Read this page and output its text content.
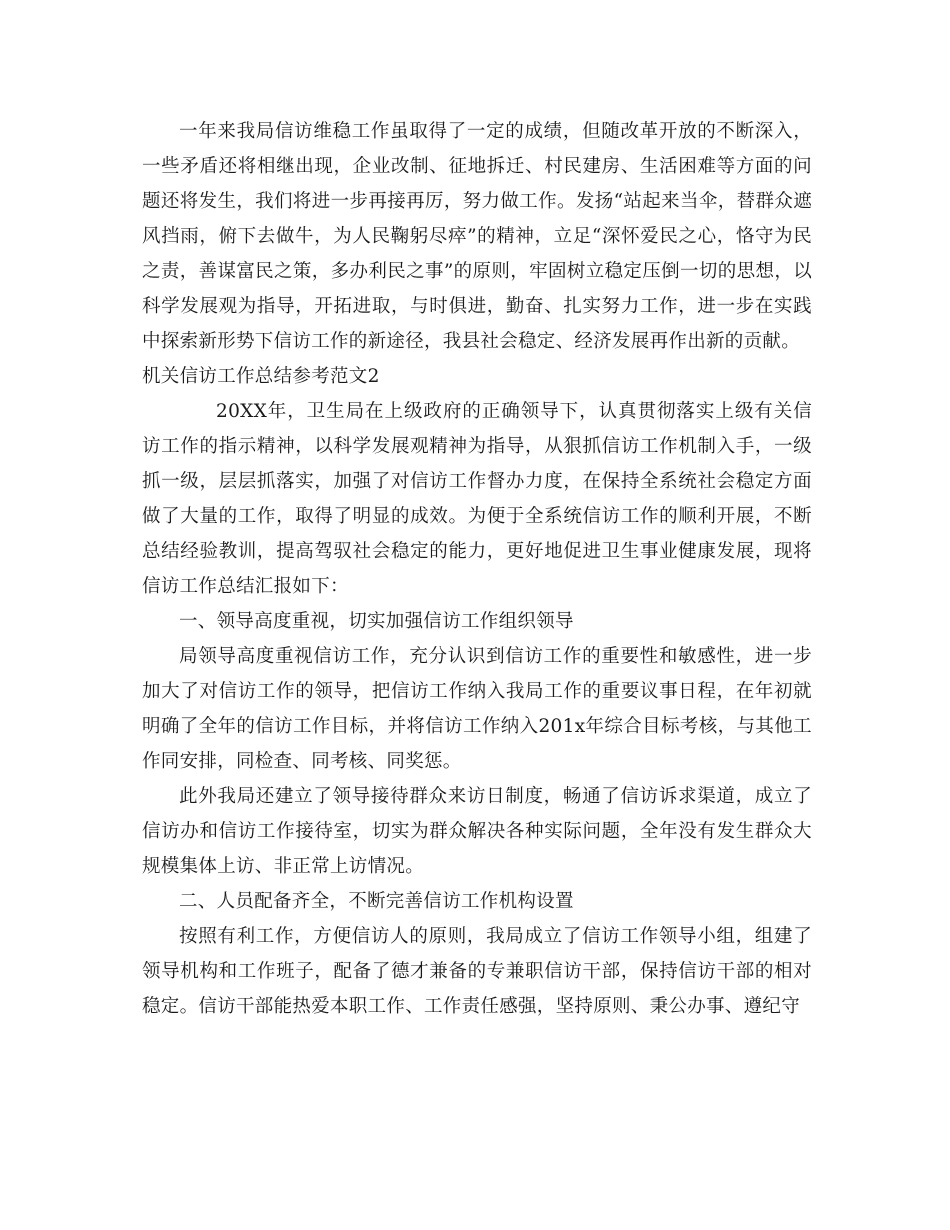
一年来我局信访维稳工作虽取得了一定的成绩，但随改革开放的不断深入，一些矛盾还将相继出现，企业改制、征地拆迁、村民建房、生活困难等方面的问题还将发生，我们将进一步再接再厉，努力做工作。发扬“站起来当伞，替群众遮风挡雨，俯下去做牛，为人民鞠躬尽瘁”的精神，立足“深怀爱民之心，恪守为民之责，善谋富民之策，多办利民之事”的原则，牢固树立稳定压倒一切的思想，以科学发展观为指导，开拓进取，与时俱进，勤奋、扎实努力工作，进一步在实践中探索新形势下信访工作的新途径，我县社会稳定、经济发展再作出新的贡献。

机关信访工作总结参考范文2

20XX年，卫生局在上级政府的正确领导下，认真贯彻落实上级有关信访工作的指示精神，以科学发展观精神为指导，从狠抓信访工作机制入手，一级抓一级，层层抓落实，加强了对信访工作督办力度，在保持全系统社会稳定方面做了大量的工作，取得了明显的成效。为便于全系统信访工作的顺利开展，不断总结经验教训，提高驾驭社会稳定的能力，更好地促进卫生事业健康发展，现将信访工作总结汇报如下：

一、领导高度重视，切实加强信访工作组织领导

局领导高度重视信访工作，充分认识到信访工作的重要性和敏感性，进一步加大了对信访工作的领导，把信访工作纳入我局工作的重要议事日程，在年初就明确了全年的信访工作目标，并将信访工作纳入201x年综合目标考核，与其他工作同安排，同检查、同考核、同奖惩。

此外我局还建立了领导接待群众来访日制度，畅通了信访诉求渠道，成立了信访办和信访工作接待室，切实为群众解决各种实际问题，全年没有发生群众大规模集体上访、非正常上访情况。

二、人员配备齐全，不断完善信访工作机构设置

按照有利工作，方便信访人的原则，我局成立了信访工作领导小组，组建了领导机构和工作班子，配备了德才兼备的专兼职信访干部，保持信访干部的相对稳定。信访干部能热爱本职工作、工作责任感强，坚持原则、秉公办事、遵纪守
